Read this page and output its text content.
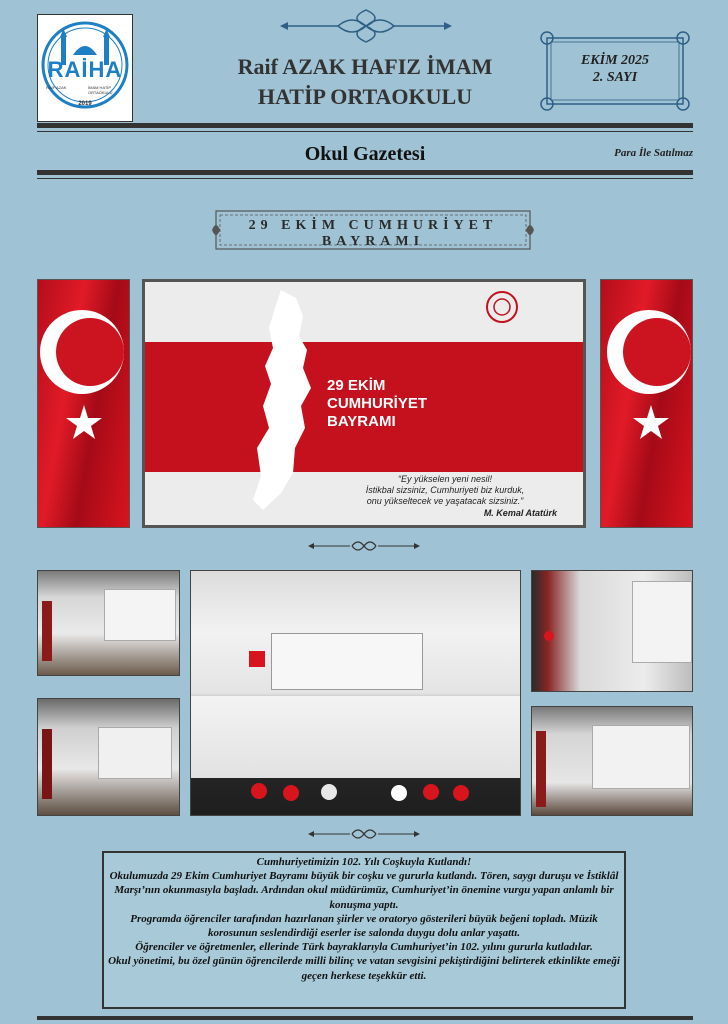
RAİHA
RAİF AZAK	İMAM HATİP ORTAOKULU
2019
Raif AZAK HAFIZ İMAM
HATİP ORTAOKULU
EKİM 2025
2. SAYI
Okul Gazetesi	Para İle Satılmaz
29 EKİM CUMHURİYET BAYRAMI
29 EKİM
CUMHURİYET
BAYRAMI
“Ey yükselen yeni nesil!
İstikbal sizsiniz, Cumhuriyeti biz kurduk,
onu yükseltecek ve yaşatacak sizsiniz.”
M. Kemal Atatürk

Cumhuriyetimizin 102. Yılı Coşkuyla Kutlandı!

Okulumuzda 29 Ekim Cumhuriyet Bayramı büyük bir coşku ve gururla kutlandı. Tören, saygı duruşu ve İstiklâl Marşı’nın okunmasıyla başladı. Ardından okul müdürümüz, Cumhuriyet’in önemine vurgu yapan anlamlı bir konuşma yaptı.

Programda öğrenciler tarafından hazırlanan şiirler ve oratoryo gösterileri büyük beğeni topladı. Müzik korosunun seslendirdiği eserler ise salonda duygu dolu anlar yaşattı.

Öğrenciler ve öğretmenler, ellerinde Türk bayraklarıyla Cumhuriyet’in 102. yılını gururla kutladılar.

Okul yönetimi, bu özel günün öğrencilerde milli bilinç ve vatan sevgisini pekiştirdiğini belirterek etkinlikte emeği geçen herkese teşekkür etti.
